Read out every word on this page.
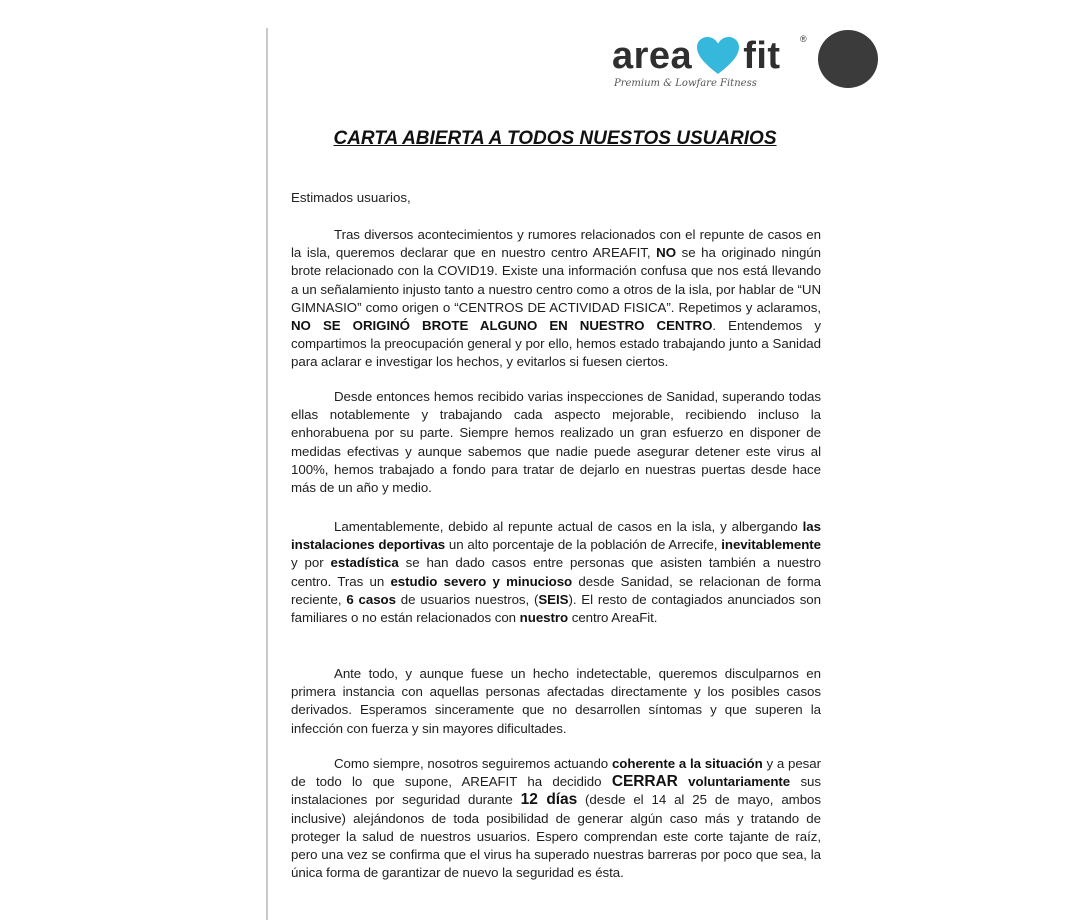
area fit ®
Premium & Lowfare Fitness
CARTA ABIERTA A TODOS NUESTOS USUARIOS
Estimados usuarios,
Tras diversos acontecimientos y rumores relacionados con el repunte de casos en la isla, queremos declarar que en nuestro centro AREAFIT, NO se ha originado ningún brote relacionado con la COVID19. Existe una información confusa que nos está llevando a un señalamiento injusto tanto a nuestro centro como a otros de la isla, por hablar de “UN GIMNASIO” como origen o “CENTROS DE ACTIVIDAD FISICA”. Repetimos y aclaramos, NO SE ORIGINÓ BROTE ALGUNO EN NUESTRO CENTRO. Entendemos y compartimos la preocupación general y por ello, hemos estado trabajando junto a Sanidad para aclarar e investigar los hechos, y evitarlos si fuesen ciertos.
Desde entonces hemos recibido varias inspecciones de Sanidad, superando todas ellas notablemente y trabajando cada aspecto mejorable, recibiendo incluso la enhorabuena por su parte. Siempre hemos realizado un gran esfuerzo en disponer de medidas efectivas y aunque sabemos que nadie puede asegurar detener este virus al 100%, hemos trabajado a fondo para tratar de dejarlo en nuestras puertas desde hace más de un año y medio.
Lamentablemente, debido al repunte actual de casos en la isla, y albergando las instalaciones deportivas un alto porcentaje de la población de Arrecife, inevitablemente y por estadística se han dado casos entre personas que asisten también a nuestro centro. Tras un estudio severo y minucioso desde Sanidad, se relacionan de forma reciente, 6 casos de usuarios nuestros, (SEIS). El resto de contagiados anunciados son familiares o no están relacionados con nuestro centro AreaFit.
Ante todo, y aunque fuese un hecho indetectable, queremos disculparnos en primera instancia con aquellas personas afectadas directamente y los posibles casos derivados. Esperamos sinceramente que no desarrollen síntomas y que superen la infección con fuerza y sin mayores dificultades.
Como siempre, nosotros seguiremos actuando coherente a la situación y a pesar de todo lo que supone, AREAFIT ha decidido CERRAR voluntariamente sus instalaciones por seguridad durante 12 días (desde el 14 al 25 de mayo, ambos inclusive) alejándonos de toda posibilidad de generar algún caso más y tratando de proteger la salud de nuestros usuarios. Espero comprendan este corte tajante de raíz, pero una vez se confirma que el virus ha superado nuestras barreras por poco que sea, la única forma de garantizar de nuevo la seguridad es ésta.
